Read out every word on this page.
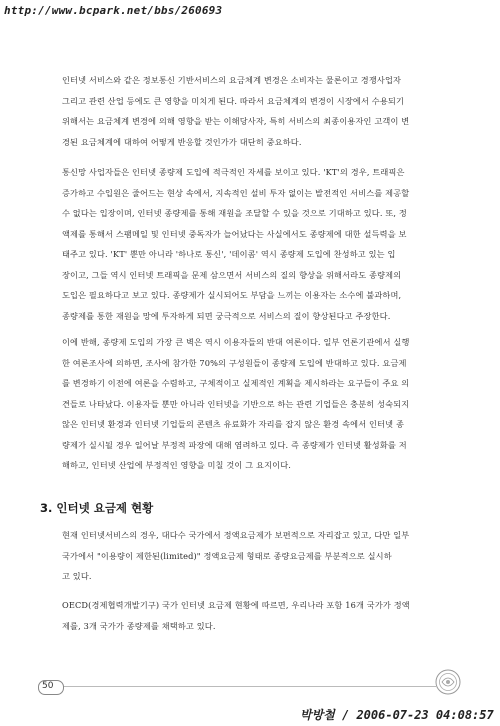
http://www.bcpark.net/bbs/260693

인터넷 서비스와 같은 정보통신 기반서비스의 요금체계 변경은 소비자는 물론이고 경쟁사업자
그리고 관련 산업 등에도 큰 영향을 미치게 된다. 따라서 요금체계의 변경이 시장에서 수용되기
위해서는 요금체계 변경에 의해 영향을 받는 이해당사자, 특히 서비스의 최종이용자인 고객이 변
경된 요금체계에 대하여 어떻게 반응할 것인가가 대단히 중요하다.

통신망 사업자들은 인터넷 종량제 도입에 적극적인 자세를 보이고 있다. 'KT'의 경우, 트래픽은
증가하고 수입원은 줄어드는 현상 속에서, 지속적인 설비 투자 없이는 발전적인 서비스를 제공할
수 없다는 입장이며, 인터넷 종량제를 통해 재원을 조달할 수 있을 것으로 기대하고 있다. 또, 정
액제를 통해서 스팸메일 및 인터넷 중독자가 늘어났다는 사실에서도 종량제에 대한 설득력을 보
태주고 있다. 'KT' 뿐만 아니라 '하나로 통신', '데이콤' 역시 종량제 도입에 찬성하고 있는 입
장이고, 그들 역시 인터넷 트래픽을 문제 삼으면서 서비스의 질의 향상을 위해서라도 종량제의
도입은 필요하다고 보고 있다. 종량제가 실시되어도 부담을 느끼는 이용자는 소수에 불과하며,
종량제를 통한 재원을 망에 투자하게 되면 궁극적으로 서비스의 질이 향상된다고 주장한다.

이에 반해, 종량제 도입의 가장 큰 벽은 역시 이용자들의 반대 여론이다. 일부 언론기관에서 실행
한 여론조사에 의하면, 조사에 참가한 70%의 구성원들이 종량제 도입에 반대하고 있다. 요금제
를 변경하기 이전에 여론을 수렴하고, 구체적이고 실제적인 계획을 제시하라는 요구들이 주요 의
견들로 나타났다. 이용자들 뿐만 아니라 인터넷을 기반으로 하는 관련 기업들은 충분히 성숙되지
않은 인터넷 환경과 인터넷 기업들의 콘텐츠 유료화가 자리를 잡지 않은 환경 속에서 인터넷 종
량제가 실시될 경우 일어날 부정적 파장에 대해 염려하고 있다. 즉 종량제가 인터넷 활성화를 저
해하고, 인터넷 산업에 부정적인 영향을 미칠 것이 그 요지이다.

3. 인터넷 요금제 현황

현재 인터넷서비스의 경우, 대다수 국가에서 정액요금제가 보편적으로 자리잡고 있고, 다만 일부
국가에서 "이용량이 제한된(limited)" 정액요금제 형태로 종량요금제를 부분적으로 실시하
고 있다.

OECD(경제협력개발기구) 국가 인터넷 요금제 현황에 따르면, 우리나라 포함 16개 국가가 정액
제를, 3개 국가가 종량제를 채택하고 있다.

50
박방철 / 2006-07-23 04:08:57
